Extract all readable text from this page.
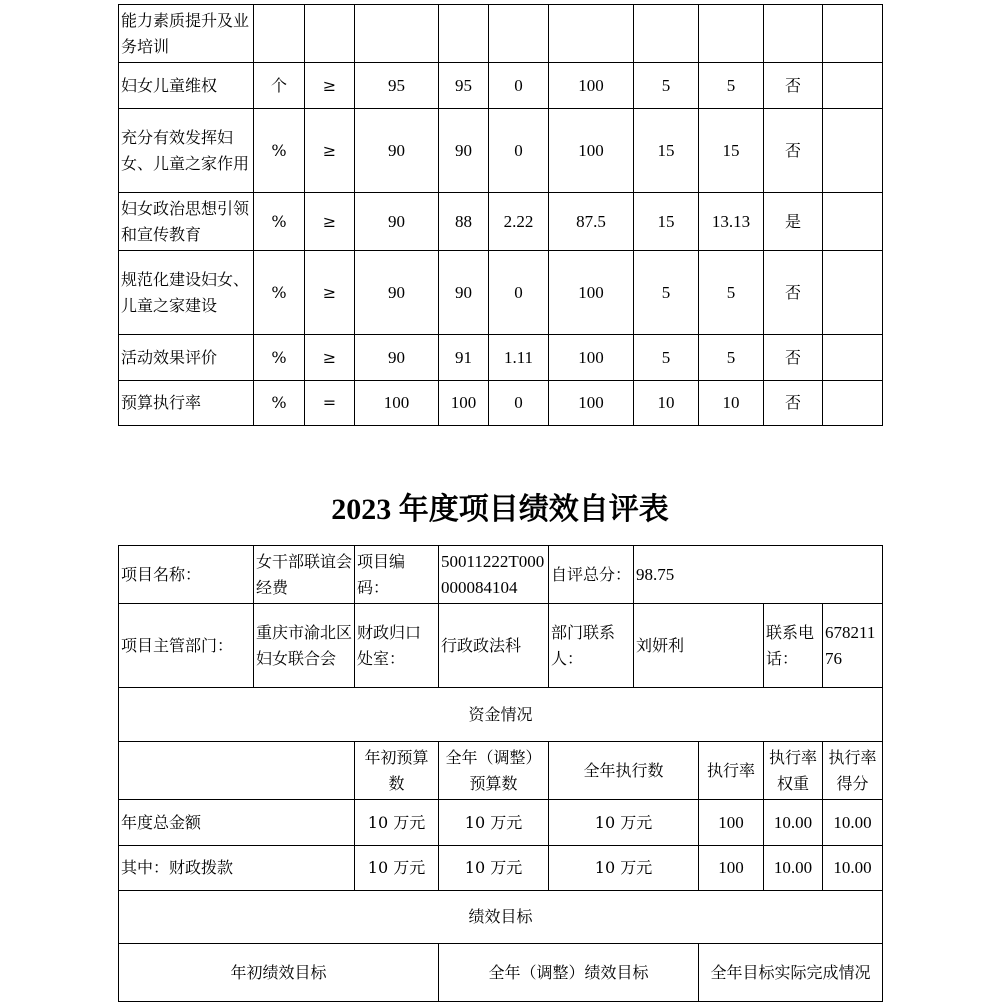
能力素质提升及业务培训										
妇女儿童维权	个	≥	95	95	0	100	5	5	否	
充分有效发挥妇女、儿童之家作用	%	≥	90	90	0	100	15	15	否	
妇女政治思想引领和宣传教育	%	≥	90	88	2.22	87.5	15	13.13	是	
规范化建设妇女、儿童之家建设	%	≥	90	90	0	100	5	5	否	
活动效果评价	%	≥	90	91	1.11	100	5	5	否	
预算执行率	%	=	100	100	0	100	10	10	否	
2023 年度项目绩效自评表
项目名称：	女干部联谊会经费	项目编码：	50011222T000000084104	自评总分：	98.75			
项目主管部门：	重庆市渝北区妇女联合会	财政归口处室：	行政政法科	部门联系人：	刘妍利		联系电话：	67821176
资金情况								
		年初预算数	全年（调整）预算数	全年执行数		执行率	执行率权重	执行率得分
年度总金额		10 万元	10 万元	10 万元		100	10.00	10.00
其中：财政拨款		10 万元	10 万元	10 万元		100	10.00	10.00
绩效目标								
年初绩效目标			全年（调整）绩效目标			全年目标实际完成情况		
